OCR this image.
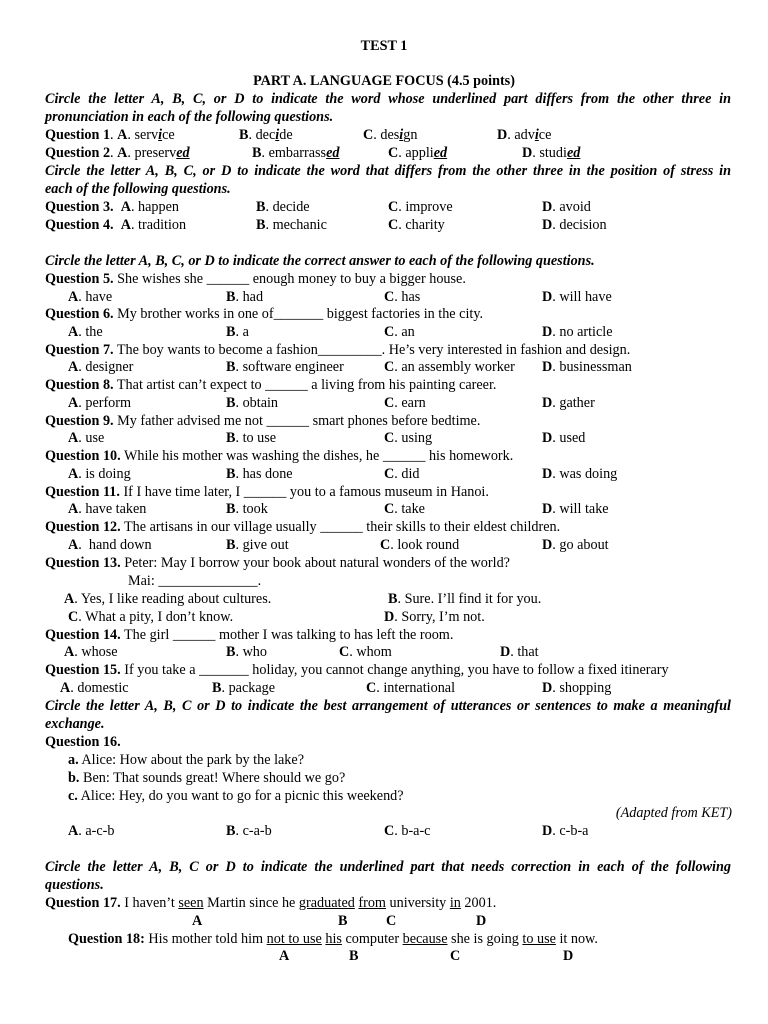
TEST 1
PART A. LANGUAGE FOCUS (4.5 points)
Circle the letter A, B, C, or D to indicate the word whose underlined part differs from the other three in
pronunciation in each of the following questions.
Question 1. A. service	B. decide	C. design	D. advice
Question 2. A. preserved	B. embarrassed	C. applied	D. studied
Circle the letter A, B, C, or D to indicate the word that differs from the other three in the position of stress in
each of the following questions.
Question 3. A. happen	B. decide	C. improve	D. avoid
Question 4. A. tradition	B. mechanic	C. charity	D. decision
Circle the letter A, B, C, or D to indicate the correct answer to each of the following questions.
Question 5. She wishes she ______ enough money to buy a bigger house.
A. have	B. had	C. has	D. will have
Question 6. My brother works in one of_______ biggest factories in the city.
A. the	B. a	C. an	D. no article
Question 7. The boy wants to become a fashion_________. He’s very interested in fashion and design.
A. designer	B. software engineer	C. an assembly worker D. businessman
Question 8. That artist can’t expect to ______ a living from his painting career.
A. perform	B. obtain	C. earn	D. gather
Question 9. My father advised me not ______ smart phones before bedtime.
A. use	B. to use	C. using	D. used
Question 10. While his mother was washing the dishes, he ______ his homework.
A. is doing	B. has done	C. did	D. was doing
Question 11. If I have time later, I ______ you to a famous museum in Hanoi.
A. have taken	B. took	C. take	D. will take
Question 12. The artisans in our village usually ______ their skills to their eldest children.
A.  hand down	B. give out	C. look round	D. go about
Question 13. Peter: May I borrow your book about natural wonders of the world?
Mai: ______________.
A. Yes, I like reading about cultures.	B. Sure. I’ll find it for you.
C. What a pity, I don’t know.	D. Sorry, I’m not.
Question 14. The girl ______ mother I was talking to has left the room.
A. whose	B. who	C. whom	D. that
Question 15. If you take a _______ holiday, you cannot change anything, you have to follow a fixed itinerary
A. domestic	B. package	C. international	D. shopping
Circle the letter A, B, C or D to indicate the best arrangement of utterances or sentences to make a meaningful
exchange.
Question 16.
a. Alice: How about the park by the lake?
b. Ben: That sounds great! Where should we go?
c. Alice: Hey, do you want to go for a picnic this weekend?
(Adapted from KET)
A. a-c-b	B. c-a-b	C. b-a-c	D. c-b-a
Circle the letter A, B, C or D to indicate the underlined part that needs correction in each of the following
questions.
Question 17. I haven’t seen Martin since he graduated from university in 2001.
A	B	C	D
Question 18: His mother told him not to use his computer because she is going to use it now.
A	B	C	D
